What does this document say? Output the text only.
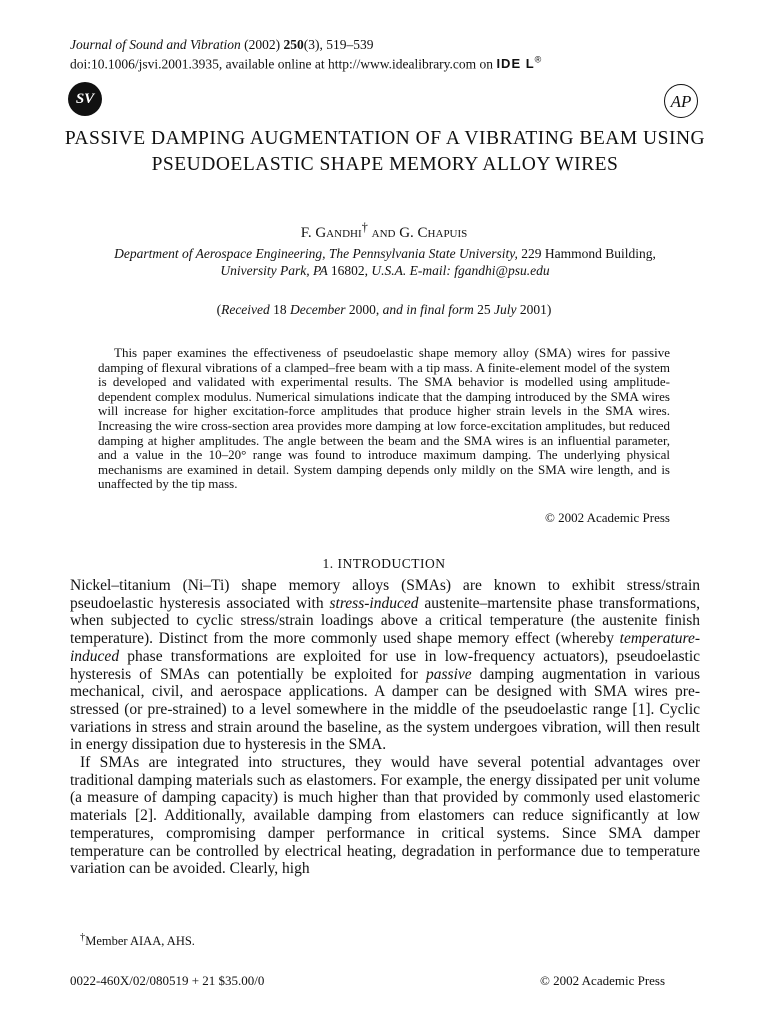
Journal of Sound and Vibration (2002) 250(3), 519–539
doi:10.1006/jsvi.2001.3935, available online at http://www.idealibrary.com on IDE L®
SV	AP
PASSIVE DAMPING AUGMENTATION OF A VIBRATING BEAM USING PSEUDOELASTIC SHAPE MEMORY ALLOY WIRES
F. Gandhi† and G. Chapuis
Department of Aerospace Engineering, The Pennsylvania State University, 229 Hammond Building,
University Park, PA 16802, U.S.A. E-mail: fgandhi@psu.edu
(Received 18 December 2000, and in final form 25 July 2001)
This paper examines the effectiveness of pseudoelastic shape memory alloy (SMA) wires for passive damping of flexural vibrations of a clamped–free beam with a tip mass. A finite-element model of the system is developed and validated with experimental results. The SMA behavior is modelled using amplitude-dependent complex modulus. Numerical simulations indicate that the damping introduced by the SMA wires will increase for higher excitation-force amplitudes that produce higher strain levels in the SMA wires. Increasing the wire cross-section area provides more damping at low force-excitation amplitudes, but reduced damping at higher amplitudes. The angle between the beam and the SMA wires is an influential parameter, and a value in the 10–20° range was found to introduce maximum damping. The underlying physical mechanisms are examined in detail. System damping depends only mildly on the SMA wire length, and is unaffected by the tip mass.
© 2002 Academic Press
1. INTRODUCTION

Nickel–titanium (Ni–Ti) shape memory alloys (SMAs) are known to exhibit stress/strain pseudoelastic hysteresis associated with stress-induced austenite–martensite phase transformations, when subjected to cyclic stress/strain loadings above a critical temperature (the austenite finish temperature). Distinct from the more commonly used shape memory effect (whereby temperature-induced phase transformations are exploited for use in low-frequency actuators), pseudoelastic hysteresis of SMAs can potentially be exploited for passive damping augmentation in various mechanical, civil, and aerospace applications. A damper can be designed with SMA wires pre-stressed (or pre-strained) to a level somewhere in the middle of the pseudoelastic range [1]. Cyclic variations in stress and strain around the baseline, as the system undergoes vibration, will then result in energy dissipation due to hysteresis in the SMA.

If SMAs are integrated into structures, they would have several potential advantages over traditional damping materials such as elastomers. For example, the energy dissipated per unit volume (a measure of damping capacity) is much higher than that provided by commonly used elastomeric materials [2]. Additionally, available damping from elastomers can reduce significantly at low temperatures, compromising damper performance in critical systems. Since SMA damper temperature can be controlled by electrical heating, degradation in performance due to temperature variation can be avoided. Clearly, high

†Member AIAA, AHS.
0022-460X/02/080519 + 21 $35.00/0	© 2002 Academic Press
